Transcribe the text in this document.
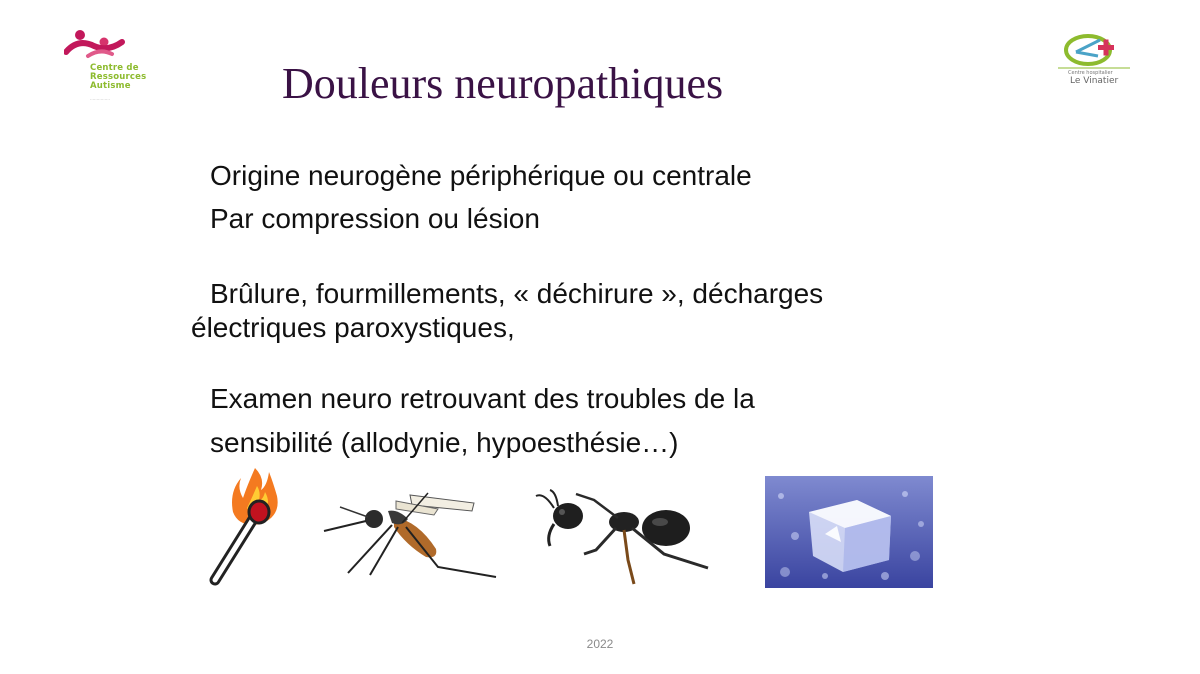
Centre de
Ressources
Autisme
……………
Centre hospitalier
Le Vinatier
Douleurs neuropathiques
Origine neurogène périphérique ou centrale
Par compression ou lésion
Brûlure, fourmillements, « déchirure », décharges
électriques paroxystiques,
Examen neuro retrouvant des troubles de la
sensibilité (allodynie, hypoesthésie…)
2022
